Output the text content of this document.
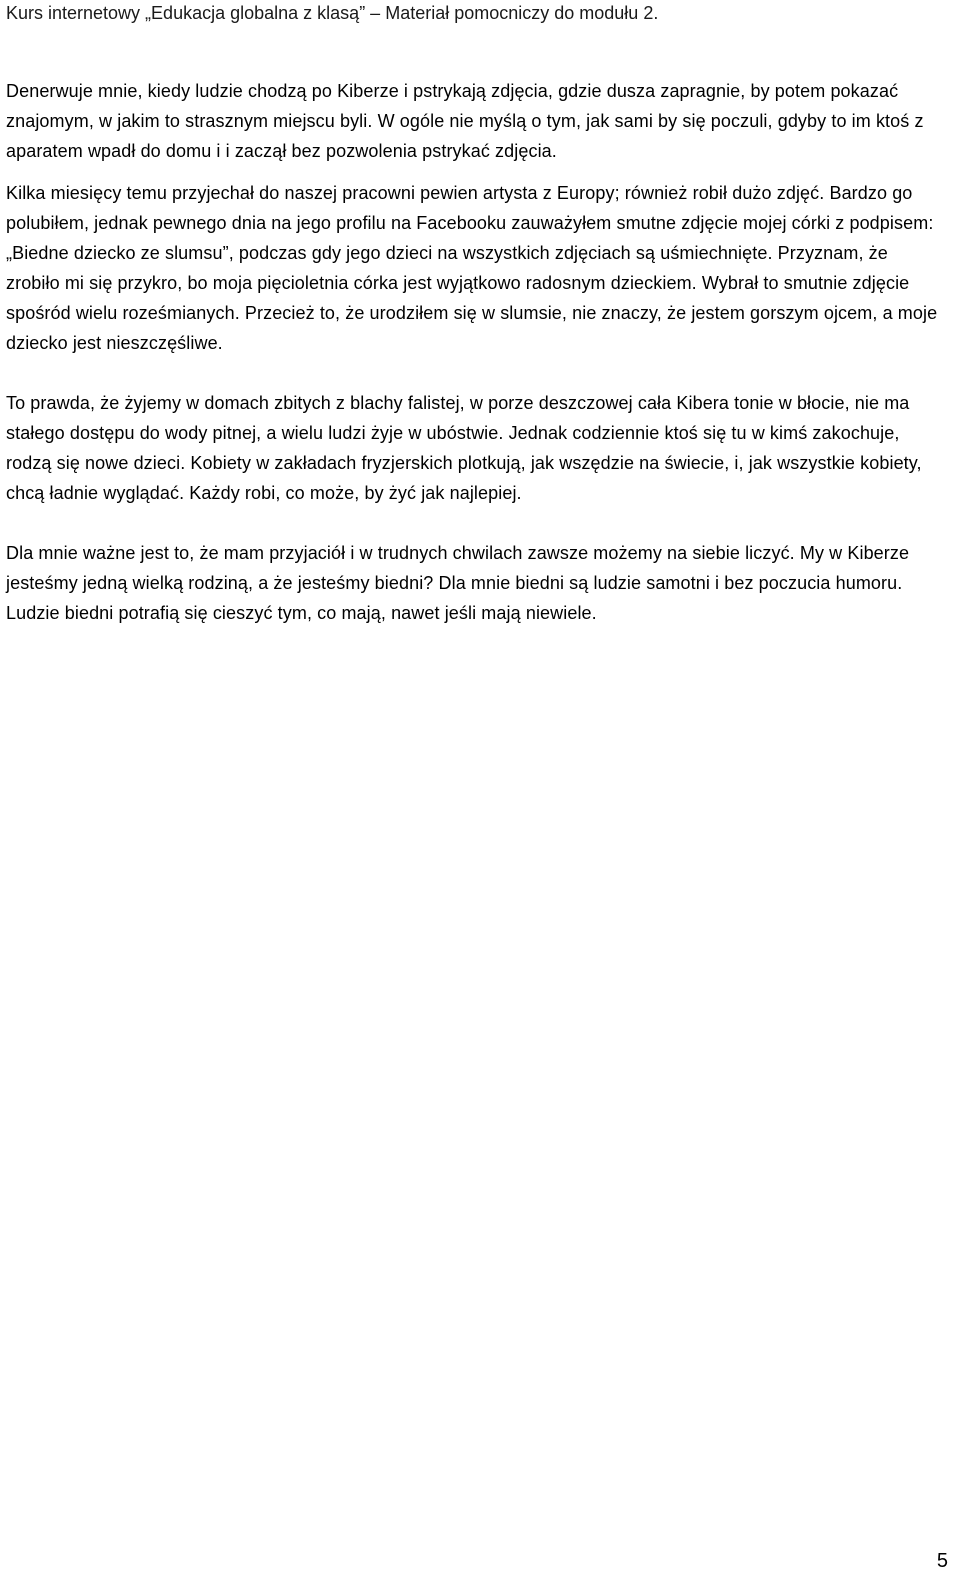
Kurs internetowy „Edukacja globalna z klasą” – Materiał pomocniczy do modułu 2.

Denerwuje mnie, kiedy ludzie chodzą po Kiberze i pstrykają zdjęcia, gdzie dusza zapragnie, by potem pokazać znajomym, w jakim to strasznym miejscu byli. W ogóle nie myślą o tym, jak sami by się poczuli, gdyby to im ktoś z aparatem wpadł do domu i i zaczął bez pozwolenia pstrykać zdjęcia.

Kilka miesięcy temu przyjechał do naszej pracowni pewien artysta z Europy; również robił dużo zdjęć. Bardzo go polubiłem, jednak pewnego dnia na jego profilu na Facebooku zauważyłem smutne zdjęcie mojej córki z podpisem: „Biedne dziecko ze slumsu”, podczas gdy jego dzieci na wszystkich zdjęciach są uśmiechnięte. Przyznam, że zrobiło mi się przykro, bo moja pięcioletnia córka jest wyjątkowo radosnym dzieckiem. Wybrał to smutnie zdjęcie spośród wielu roześmianych. Przecież to, że urodziłem się w slumsie, nie znaczy, że jestem gorszym ojcem, a moje dziecko jest nieszczęśliwe.

To prawda, że żyjemy w domach zbitych z blachy falistej, w porze deszczowej cała Kibera tonie w błocie, nie ma stałego dostępu do wody pitnej, a wielu ludzi żyje w ubóstwie. Jednak codziennie ktoś się tu w kimś zakochuje, rodzą się nowe dzieci. Kobiety w zakładach fryzjerskich plotkują, jak wszędzie na świecie, i, jak wszystkie kobiety, chcą ładnie wyglądać. Każdy robi, co może, by żyć jak najlepiej.

Dla mnie ważne jest to, że mam przyjaciół i w trudnych chwilach zawsze możemy na siebie liczyć. My w Kiberze jesteśmy jedną wielką rodziną, a że jesteśmy biedni? Dla mnie biedni są ludzie samotni i bez poczucia humoru. Ludzie biedni potrafią się cieszyć tym, co mają, nawet jeśli mają niewiele.

5
